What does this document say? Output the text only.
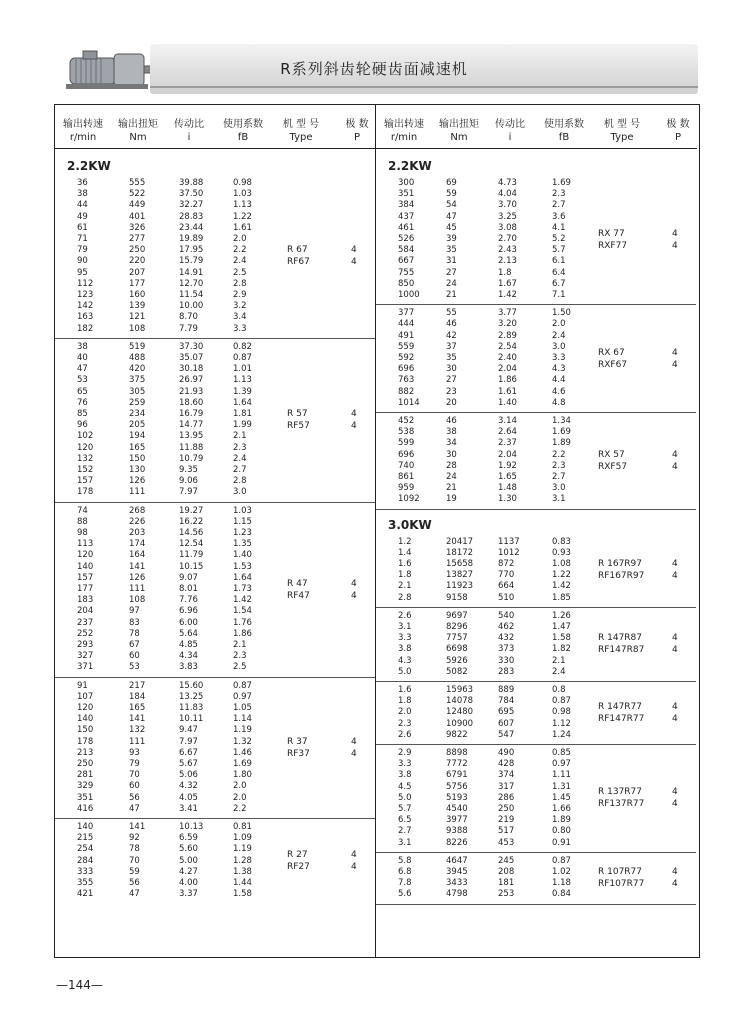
R系列斜齿轮硬齿面减速机
输出转速 输出扭矩 传动比 使用系数 机 型 号	极 数
r/min	Nm	i	fB	Type	P
2.2KW
36	555	39.88	0.98
38	522	37.50	1.03
44	449	32.27	1.13
49	401	28.83	1.22
61	326	23.44	1.61
71	277	19.89	2.0
79	250	17.95	2.2
90	220	15.79	2.4
95	207	14.91	2.5
112	177	12.70	2.8
123	160	11.54	2.9
142	139	10.00	3.2
163	121	8.70	3.4
182	108	7.79	3.3
R 67	4
RF67	4
38	519	37.30	0.82
40	488	35.07	0.87
47	420	30.18	1.01
53	375	26.97	1.13
65	305	21.93	1.39
76	259	18.60	1.64
85	234	16.79	1.81
96	205	14.77	1.99
102	194	13.95	2.1
120	165	11.88	2.3
132	150	10.79	2.4
152	130	9.35	2.7
157	126	9.06	2.8
178	111	7.97	3.0
R 57	4
RF57	4
74	268	19.27	1.03
88	226	16.22	1.15
98	203	14.56	1.23
113	174	12.54	1.35
120	164	11.79	1.40
140	141	10.15	1.53
157	126	9.07	1.64
177	111	8.01	1.73
183	108	7.76	1.42
204	97	6.96	1.54
237	83	6.00	1.76
252	78	5.64	1.86
293	67	4.85	2.1
327	60	4.34	2.3
371	53	3.83	2.5
R 47	4
RF47	4
91	217	15.60	0.87
107	184	13.25	0.97
120	165	11.83	1.05
140	141	10.11	1.14
150	132	9.47	1.19
178	111	7.97	1.32
213	93	6.67	1.46
250	79	5.67	1.69
281	70	5.06	1.80
329	60	4.32	2.0
351	56	4.05	2.0
416	47	3.41	2.2
R 37	4
RF37	4
140	141	10.13	0.81
215	92	6.59	1.09
254	78	5.60	1.19
284	70	5.00	1.28
333	59	4.27	1.38
355	56	4.00	1.44
421	47	3.37	1.58
R 27	4
RF27	4
输出转速 输出扭矩 传动比 使用系数 机 型 号	极 数
r/min	Nm	i	fB	Type	P
2.2KW
300	69	4.73	1.69
351	59	4.04	2.3
384	54	3.70	2.7
437	47	3.25	3.6
461	45	3.08	4.1
526	39	2.70	5.2
584	35	2.43	5.7
667	31	2.13	6.1
755	27	1.8	6.4
850	24	1.67	6.7
1000	21	1.42	7.1
RX 77	4
RXF77	4
377	55	3.77	1.50
444	46	3.20	2.0
491	42	2.89	2.4
559	37	2.54	3.0
592	35	2.40	3.3
696	30	2.04	4.3
763	27	1.86	4.4
882	23	1.61	4.6
1014	20	1.40	4.8
RX 67	4
RXF67	4
452	46	3.14	1.34
538	38	2.64	1.69
599	34	2.37	1.89
696	30	2.04	2.2
740	28	1.92	2.3
861	24	1.65	2.7
959	21	1.48	3.0
1092	19	1.30	3.1
RX 57	4
RXF57	4
3.0KW
1.2	20417	1137	0.83
1.4	18172	1012	0.93
1.6	15658	872	1.08
1.8	13827	770	1.22
2.1	11923	664	1.42
2.8	9158	510	1.85
R 167R97	4
RF167R97	4
2.6	9697	540	1.26
3.1	8296	462	1.47
3.3	7757	432	1.58
3.8	6698	373	1.82
4.3	5926	330	2.1
5.0	5082	283	2.4
R 147R87	4
RF147R87	4
1.6	15963	889	0.8
1.8	14078	784	0.87
2.0	12480	695	0.98
2.3	10900	607	1.12
2.6	9822	547	1.24
R 147R77	4
RF147R77	4
2.9	8898	490	0.85
3.3	7772	428	0.97
3.8	6791	374	1.11
4.5	5756	317	1.31
5.0	5193	286	1.45
5.7	4540	250	1.66
6.5	3977	219	1.89
2.7	9388	517	0.80
3.1	8226	453	0.91
R 137R77	4
RF137R77	4
5.8	4647	245	0.87
6.8	3945	208	1.02
7.8	3433	181	1.18
5.6	4798	253	0.84
R 107R77	4
RF107R77	4
—144—
